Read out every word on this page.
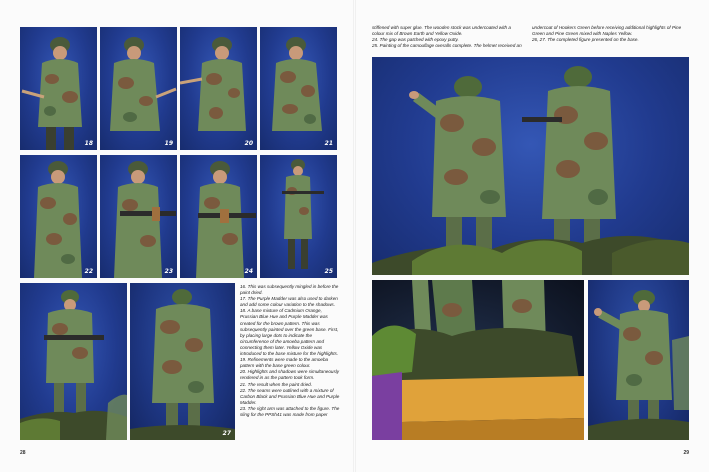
18	19	20	21
22	23	24	25
27

16. This was subsequently mingled in before the paint dried.

17. The Purple Madder was also used to darken and add some colour variation to the shadows.

18. A base mixture of Cadmium Orange, Prussian Blue Hue and Purple Madder was created for the brown pattern. This was subsequently painted over the green base. First, by placing large dots to indicate the circumference of the amoeba pattern and connecting them later. Yellow Oxide was introduced to the base mixture for the highlights.

19. Refinements were made to the amoeba pattern with the base green colour.

20. Highlights and shadows were simultaneously rendered in as the pattern took form.

21. The result when the paint dried.

22. The seams were outlined with a mixture of Carbon Black and Prussian Blue Hue and Purple Madder.

23. The right arm was attached to the figure. The sling for the PPSh41 was made from paper

28

stiffened with super glue. The wooden stock was undercoated with a colour mix of Brown Earth and Yellow Oxide.

24. The gap was patched with epoxy putty.

25. Painting of the camouflage overalls complete. The helmet received an

undercoat of Hookers Green before receiving additional highlights of Pine Green and Pine Green mixed with Naples Yellow.

26, 27. The completed figure presented on the base.

29
